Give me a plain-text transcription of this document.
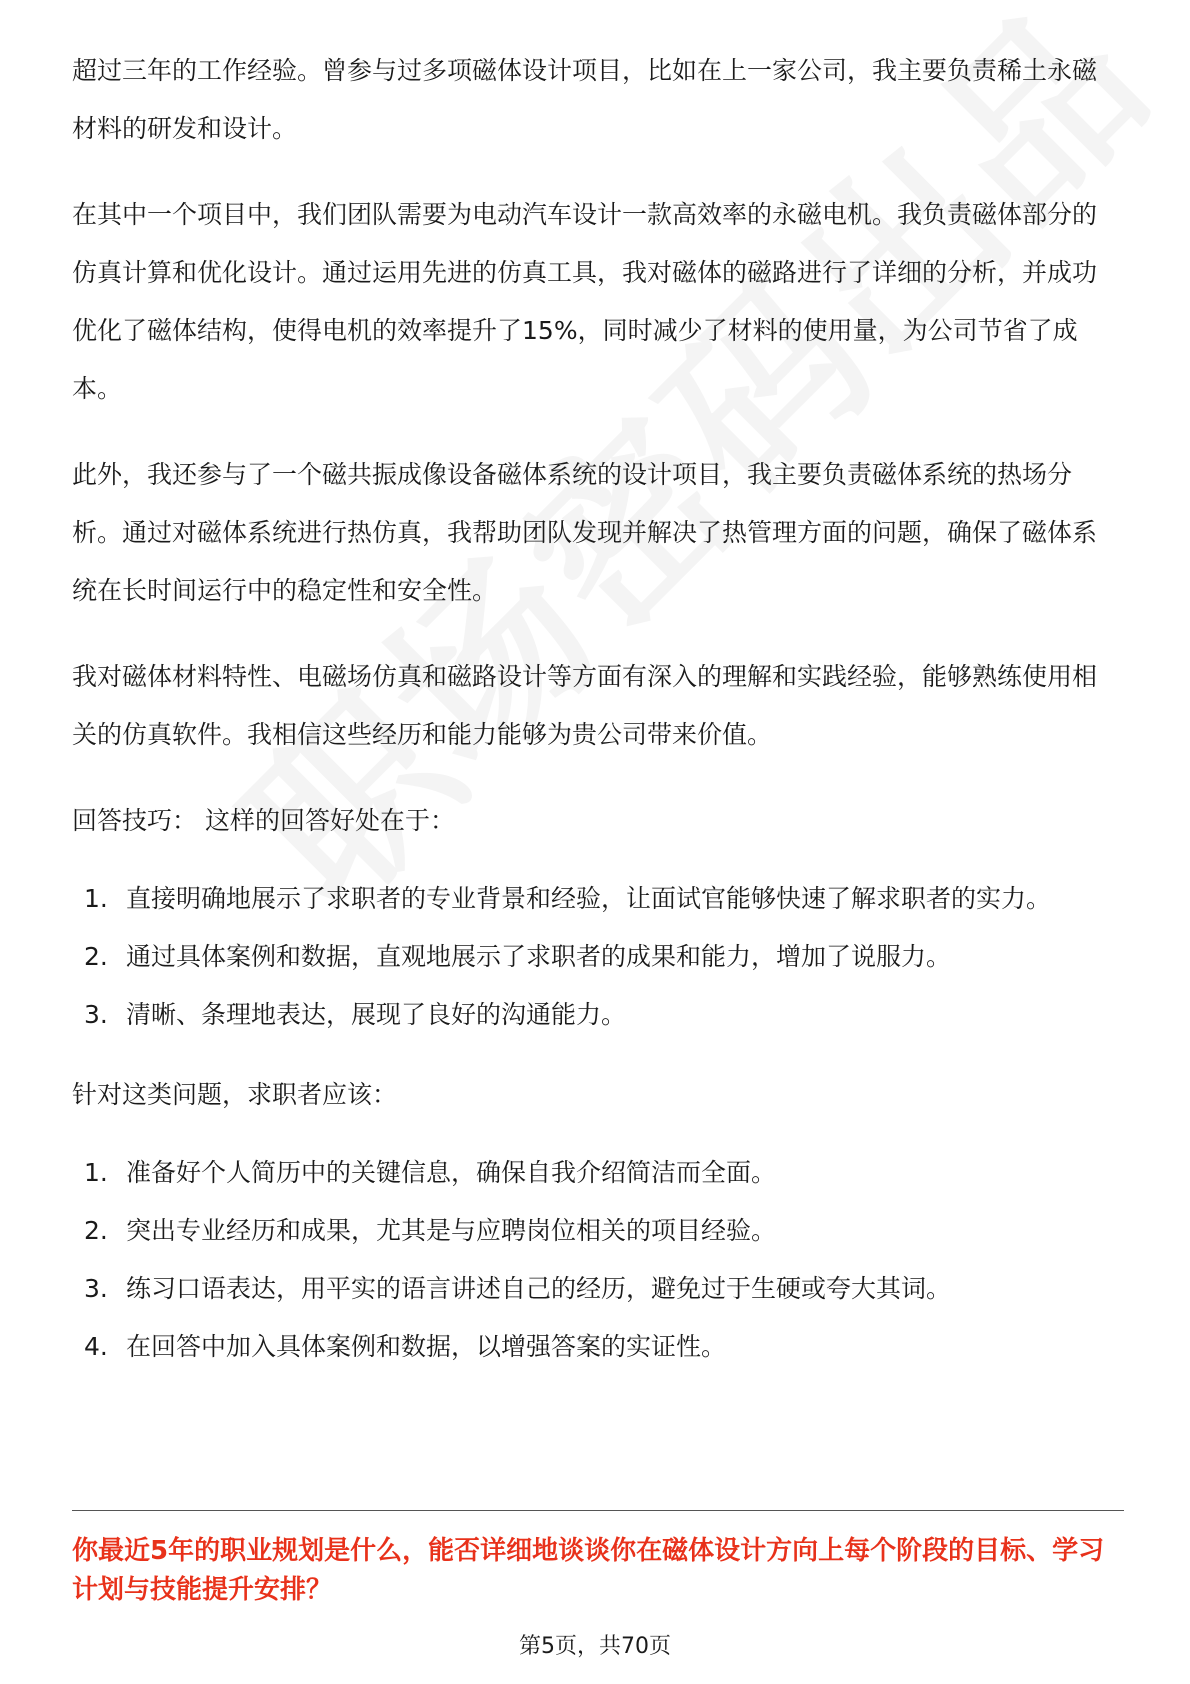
超过三年的工作经验。曾参与过多项磁体设计项目，比如在上一家公司，我主要负责稀土永磁材料的研发和设计。

在其中一个项目中，我们团队需要为电动汽车设计一款高效率的永磁电机。我负责磁体部分的仿真计算和优化设计。通过运用先进的仿真工具，我对磁体的磁路进行了详细的分析，并成功优化了磁体结构，使得电机的效率提升了15%，同时减少了材料的使用量，为公司节省了成本。

此外，我还参与了一个磁共振成像设备磁体系统的设计项目，我主要负责磁体系统的热场分析。通过对磁体系统进行热仿真，我帮助团队发现并解决了热管理方面的问题，确保了磁体系统在长时间运行中的稳定性和安全性。

我对磁体材料特性、电磁场仿真和磁路设计等方面有深入的理解和实践经验，能够熟练使用相关的仿真软件。我相信这些经历和能力能够为贵公司带来价值。

回答技巧： 这样的回答好处在于：

1. 直接明确地展示了求职者的专业背景和经验，让面试官能够快速了解求职者的实力。
2. 通过具体案例和数据，直观地展示了求职者的成果和能力，增加了说服力。
3. 清晰、条理地表达，展现了良好的沟通能力。

针对这类问题，求职者应该：

1. 准备好个人简历中的关键信息，确保自我介绍简洁而全面。
2. 突出专业经历和成果，尤其是与应聘岗位相关的项目经验。
3. 练习口语表达，用平实的语言讲述自己的经历，避免过于生硬或夸大其词。
4. 在回答中加入具体案例和数据，以增强答案的实证性。

你最近5年的职业规划是什么，能否详细地谈谈你在磁体设计方向上每个阶段的目标、学习计划与技能提升安排？

第5页，共70页
